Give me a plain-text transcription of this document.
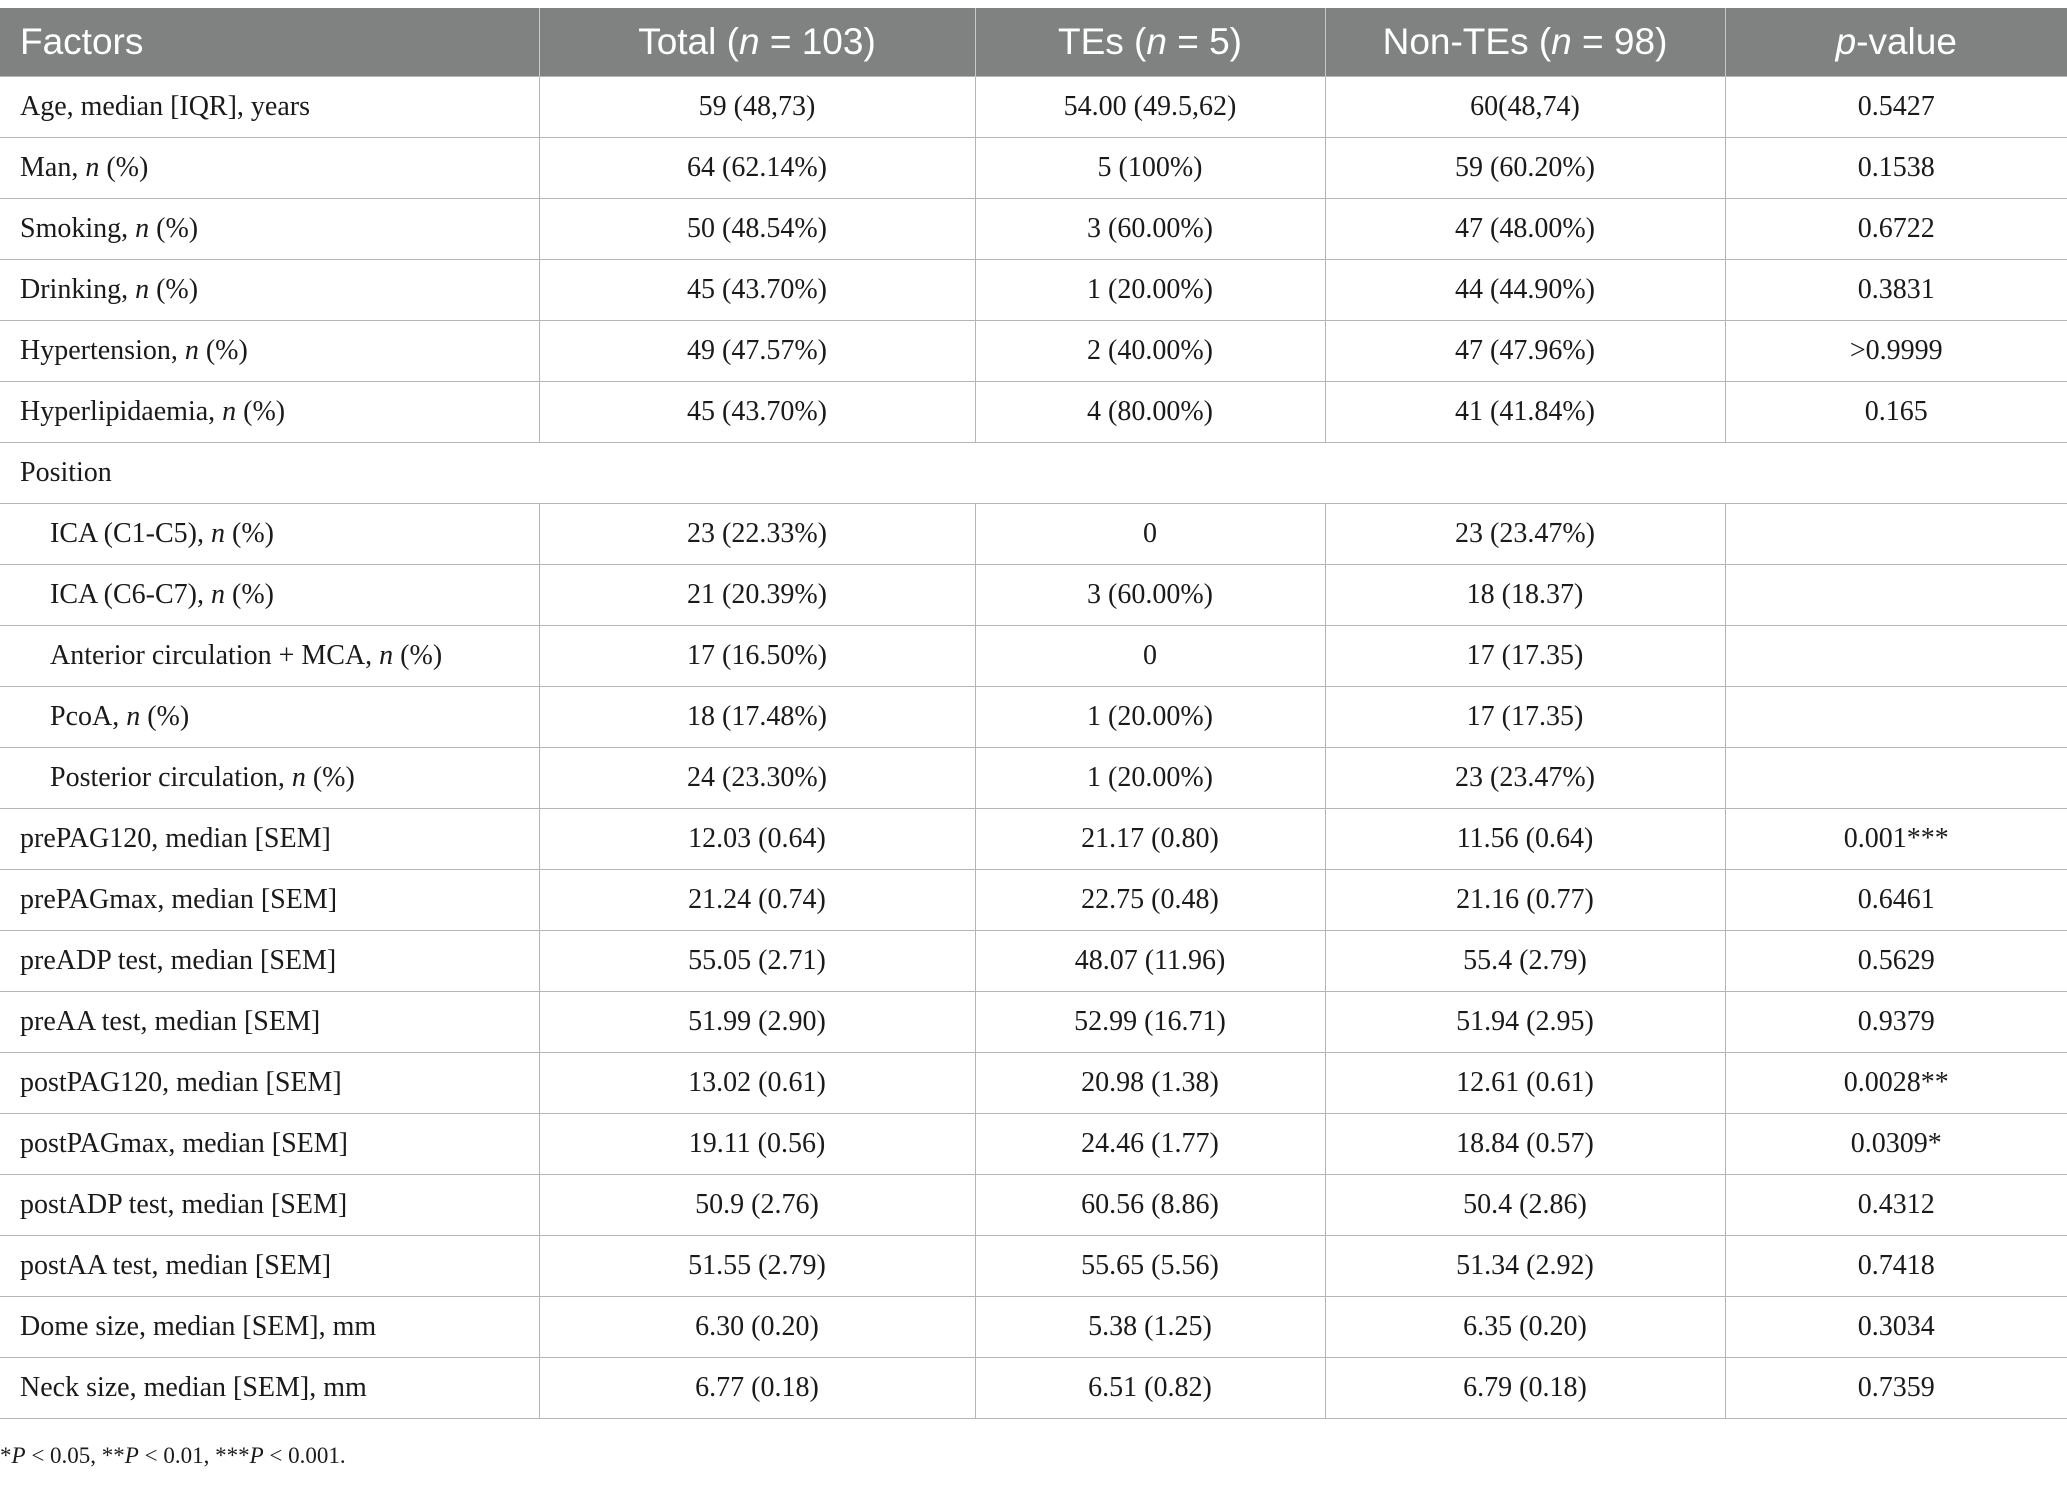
Factors	Total (n = 103)	TEs (n = 5)	Non-TEs (n = 98)	p-value
Age, median [IQR], years	59 (48,73)	54.00 (49.5,62)	60(48,74)	0.5427
Man, n (%)	64 (62.14%)	5 (100%)	59 (60.20%)	0.1538
Smoking, n (%)	50 (48.54%)	3 (60.00%)	47 (48.00%)	0.6722
Drinking, n (%)	45 (43.70%)	1 (20.00%)	44 (44.90%)	0.3831
Hypertension, n (%)	49 (47.57%)	2 (40.00%)	47 (47.96%)	>0.9999
Hyperlipidaemia, n (%)	45 (43.70%)	4 (80.00%)	41 (41.84%)	0.165
Position				
ICA (C1-C5), n (%)	23 (22.33%)	0	23 (23.47%)	
ICA (C6-C7), n (%)	21 (20.39%)	3 (60.00%)	18 (18.37)	
Anterior circulation + MCA, n (%)	17 (16.50%)	0	17 (17.35)	
PcoA, n (%)	18 (17.48%)	1 (20.00%)	17 (17.35)	
Posterior circulation, n (%)	24 (23.30%)	1 (20.00%)	23 (23.47%)	
prePAG120, median [SEM]	12.03 (0.64)	21.17 (0.80)	11.56 (0.64)	0.001***
prePAGmax, median [SEM]	21.24 (0.74)	22.75 (0.48)	21.16 (0.77)	0.6461
preADP test, median [SEM]	55.05 (2.71)	48.07 (11.96)	55.4 (2.79)	0.5629
preAA test, median [SEM]	51.99 (2.90)	52.99 (16.71)	51.94 (2.95)	0.9379
postPAG120, median [SEM]	13.02 (0.61)	20.98 (1.38)	12.61 (0.61)	0.0028**
postPAGmax, median [SEM]	19.11 (0.56)	24.46 (1.77)	18.84 (0.57)	0.0309*
postADP test, median [SEM]	50.9 (2.76)	60.56 (8.86)	50.4 (2.86)	0.4312
postAA test, median [SEM]	51.55 (2.79)	55.65 (5.56)	51.34 (2.92)	0.7418
Dome size, median [SEM], mm	6.30 (0.20)	5.38 (1.25)	6.35 (0.20)	0.3034
Neck size, median [SEM], mm	6.77 (0.18)	6.51 (0.82)	6.79 (0.18)	0.7359
*P < 0.05, **P < 0.01, ***P < 0.001.
